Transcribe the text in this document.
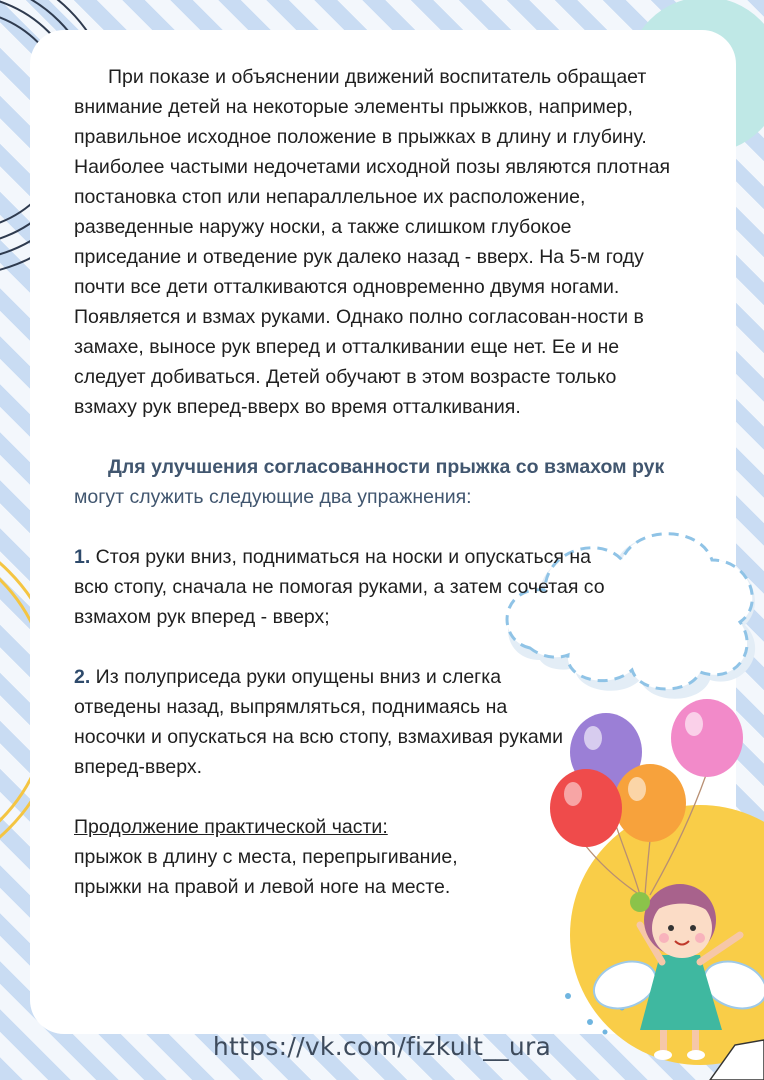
При показе и объяснении движений воспитатель обращает внимание детей на некоторые элементы прыжков, например, правильное исходное положение в прыжках в длину и глубину. Наиболее частыми недочетами исходной позы являются плотная постановка стоп или непараллельное их расположение, разведенные наружу носки, а также слишком глубокое приседание и отведение рук далеко назад - вверх. На 5-м году почти все дети отталкиваются одновременно двумя ногами. Появляется и взмах руками. Однако полно согласован-ности в замахе, выносе рук вперед и отталкивании еще нет. Ее и не следует добиваться. Детей обучают в этом возрасте только взмаху рук вперед-вверх во время отталкивания.

Для улучшения согласованности прыжка со взмахом рук могут служить следующие два упражнения:

1. Стоя руки вниз, подниматься на носки и опускаться на всю стопу, сначала не помогая руками, а затем сочетая со взмахом рук вперед - вверх;

2. Из полуприседа руки опущены вниз и слегка отведены назад, выпрямляться, поднимаясь на носочки и опускаться на всю стопу, взмахивая руками вперед-вверх.

Продолжение практической части:

прыжок в длину с места, перепрыгивание,

прыжки на правой и левой ноге на месте.

https://vk.com/fizkult__ura
